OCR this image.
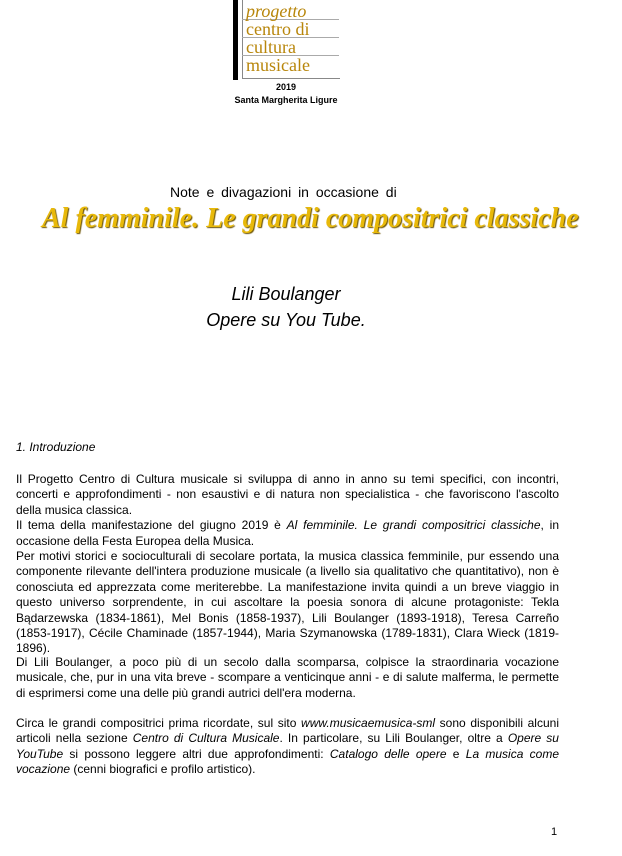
progetto
centro di
cultura
musicale
2019
Santa Margherita Ligure
Note e divagazioni in occasione di
Al femminile. Le grandi compositrici classiche
Lili Boulanger
Opere su You Tube.
1. Introduzione
Il Progetto Centro di Cultura musicale si sviluppa di anno in anno su temi specifici, con incontri, concerti e approfondimenti - non esaustivi e di natura non specialistica - che favoriscono l'ascolto della musica classica.
Il tema della manifestazione del giugno 2019 è Al femminile. Le grandi compositrici classiche, in occasione della Festa Europea della Musica.
Per motivi storici e socioculturali di secolare portata, la musica classica femminile, pur essendo una componente rilevante dell'intera produzione musicale (a livello sia qualitativo che quantitativo), non è conosciuta ed apprezzata come meriterebbe. La manifestazione invita quindi a un breve viaggio in questo universo sorprendente, in cui ascoltare la poesia sonora di alcune protagoniste: Tekla Bądarzewska (1834-1861), Mel Bonis (1858-1937), Lili Boulanger (1893-1918), Teresa Carreño (1853-1917), Cécile Chaminade (1857-1944), Maria Szymanowska (1789-1831), Clara Wieck (1819-1896).
Di Lili Boulanger, a poco più di un secolo dalla scomparsa, colpisce la straordinaria vocazione musicale, che, pur in una vita breve - scompare a venticinque anni - e di salute malferma, le permette di esprimersi come una delle più grandi autrici dell'era moderna.
Circa le grandi compositrici prima ricordate, sul sito www.musicaemusica-sml sono disponibili alcuni articoli nella sezione Centro di Cultura Musicale. In particolare, su Lili Boulanger, oltre a Opere su YouTube si possono leggere altri due approfondimenti: Catalogo delle opere e La musica come vocazione (cenni biografici e profilo artistico).
1
